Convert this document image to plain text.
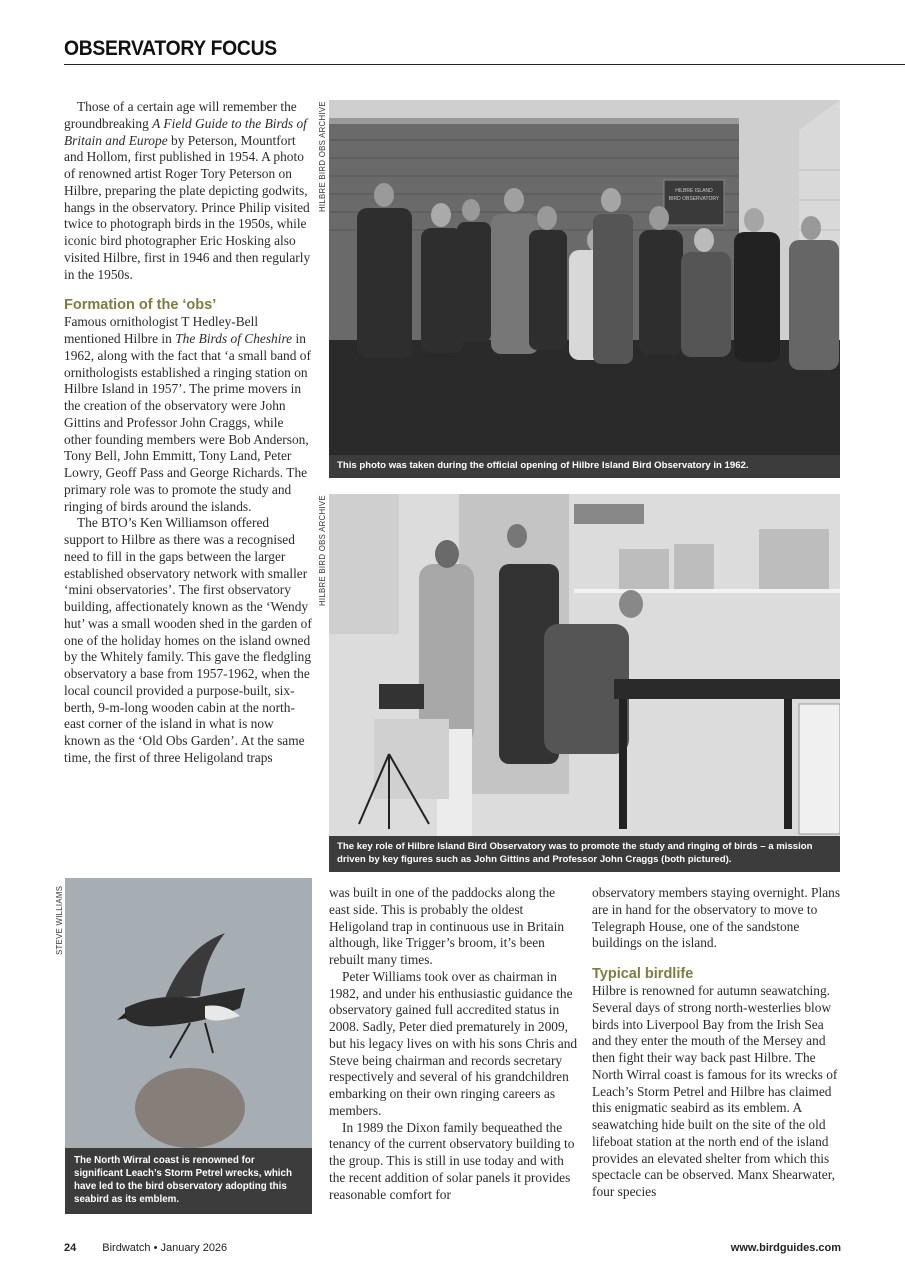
OBSERVATORY FOCUS

Those of a certain age will remember the groundbreaking A Field Guide to the Birds of Britain and Europe by Peterson, Mountfort and Hollom, first published in 1954. A photo of renowned artist Roger Tory Peterson on Hilbre, preparing the plate depicting godwits, hangs in the observatory. Prince Philip visited twice to photograph birds in the 1950s, while iconic bird photographer Eric Hosking also visited Hilbre, first in 1946 and then regularly in the 1950s.

Formation of the ‘obs’

Famous ornithologist T Hedley-Bell mentioned Hilbre in The Birds of Cheshire in 1962, along with the fact that ‘a small band of ornithologists established a ringing station on Hilbre Island in 1957’. The prime movers in the creation of the observatory were John Gittins and Professor John Craggs, while other founding members were Bob Anderson, Tony Bell, John Emmitt, Tony Land, Peter Lowry, Geoff Pass and George Richards. The primary role was to promote the study and ringing of birds around the islands.

The BTO’s Ken Williamson offered support to Hilbre as there was a recognised need to fill in the gaps between the larger established observatory network with smaller ‘mini observatories’. The first observatory building, affectionately known as the ‘Wendy hut’ was a small wooden shed in the garden of one of the holiday homes on the island owned by the Whitely family. This gave the fledgling observatory a base from 1957-1962, when the local council provided a purpose-built, six-berth, 9-m-long wooden cabin at the north-east corner of the island in what is now known as the ‘Old Obs Garden’. At the same time, the first of three Heligoland traps

HILBRE BIRD OBS ARCHIVE	HILBRE ISLAND
BIRD OBSERVATORY
This photo was taken during the official opening of Hilbre Island Bird Observatory in 1962.
HILBRE BIRD OBS ARCHIVE
The key role of Hilbre Island Bird Observatory was to promote the study and ringing of birds – a mission driven by key figures such as John Gittins and Professor John Craggs (both pictured).
STEVE WILLIAMS
The North Wirral coast is renowned for significant Leach’s Storm Petrel wrecks, which have led to the bird observatory adopting this seabird as its emblem.

was built in one of the paddocks along the east side. This is probably the oldest Heligoland trap in continuous use in Britain although, like Trigger’s broom, it’s been rebuilt many times.

Peter Williams took over as chairman in 1982, and under his enthusiastic guidance the observatory gained full accredited status in 2008. Sadly, Peter died prematurely in 2009, but his legacy lives on with his sons Chris and Steve being chairman and records secretary respectively and several of his grandchildren embarking on their own ringing careers as members.

In 1989 the Dixon family bequeathed the tenancy of the current observatory building to the group. This is still in use today and with the recent addition of solar panels it provides reasonable comfort for

observatory members staying overnight. Plans are in hand for the observatory to move to Telegraph House, one of the sandstone buildings on the island.

Typical birdlife

Hilbre is renowned for autumn seawatching. Several days of strong north-westerlies blow birds into Liverpool Bay from the Irish Sea and they enter the mouth of the Mersey and then fight their way back past Hilbre. The North Wirral coast is famous for its wrecks of Leach’s Storm Petrel and Hilbre has claimed this enigmatic seabird as its emblem. A seawatching hide built on the site of the old lifeboat station at the north end of the island provides an elevated shelter from which this spectacle can be observed. Manx Shearwater, four species

24 Birdwatch • January 2026	www.birdguides.com
